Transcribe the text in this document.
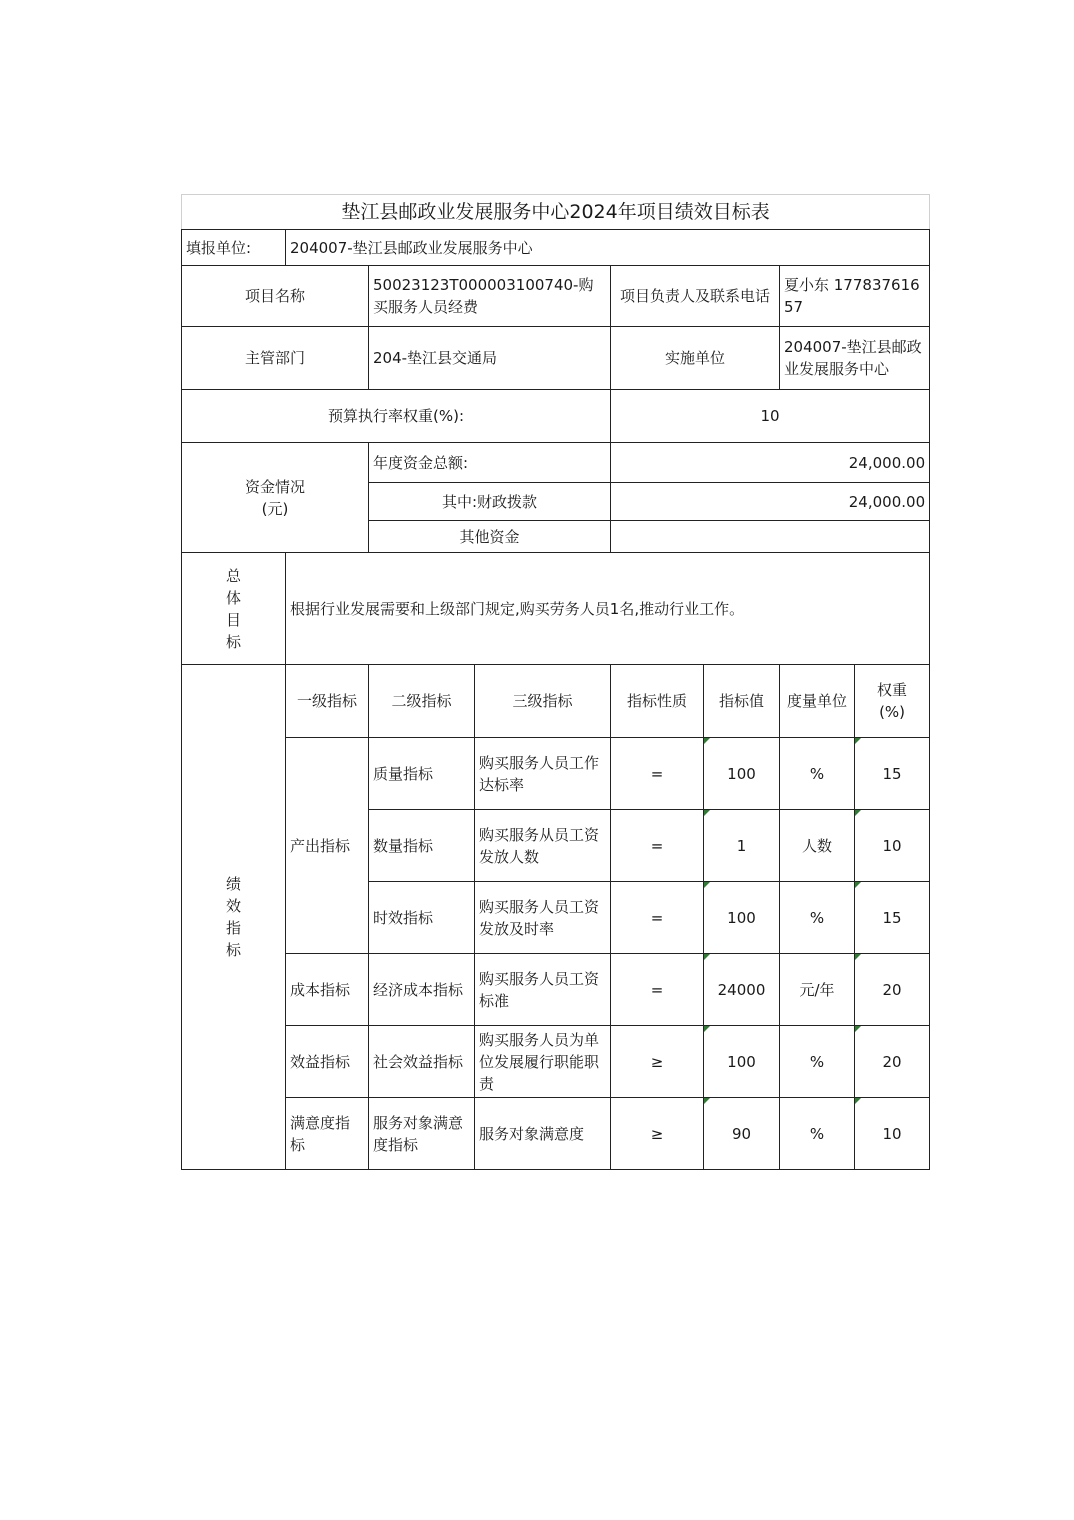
垫江县邮政业发展服务中心2024年项目绩效目标表							
填报单位:	204007-垫江县邮政业发展服务中心						
项目名称		50023123T000003100740-购买服务人员经费		项目负责人及联系电话		夏小东 17783761657	
主管部门		204-垫江县交通局		实施单位		204007-垫江县邮政业发展服务中心	
预算执行率权重(%):				10			

资金情况
(元)		年度资金总额:		24,000.00			
		其中:财政拨款		24,000.00			
		其他资金					

总
体
目
标	根据行业发展需要和上级部门规定,购买劳务人员1名,推动行业工作。						

绩
效
指
标	一级指标	二级指标	三级指标	指标性质	指标值	度量单位	权重
(%)

	产出指标	质量指标	购买服务人员工作达标率	=	100	%	15
		数量指标	购买服务从员工资发放人数	=	1	人数	10
		时效指标	购买服务人员工资发放及时率	=	100	%	15
	成本指标	经济成本指标	购买服务人员工资标准	=	24000	元/年	20
	效益指标	社会效益指标	购买服务人员为单位发展履行职能职责	≥	100	%	20
	满意度指标	服务对象满意度指标	服务对象满意度	≥	90	%	10
